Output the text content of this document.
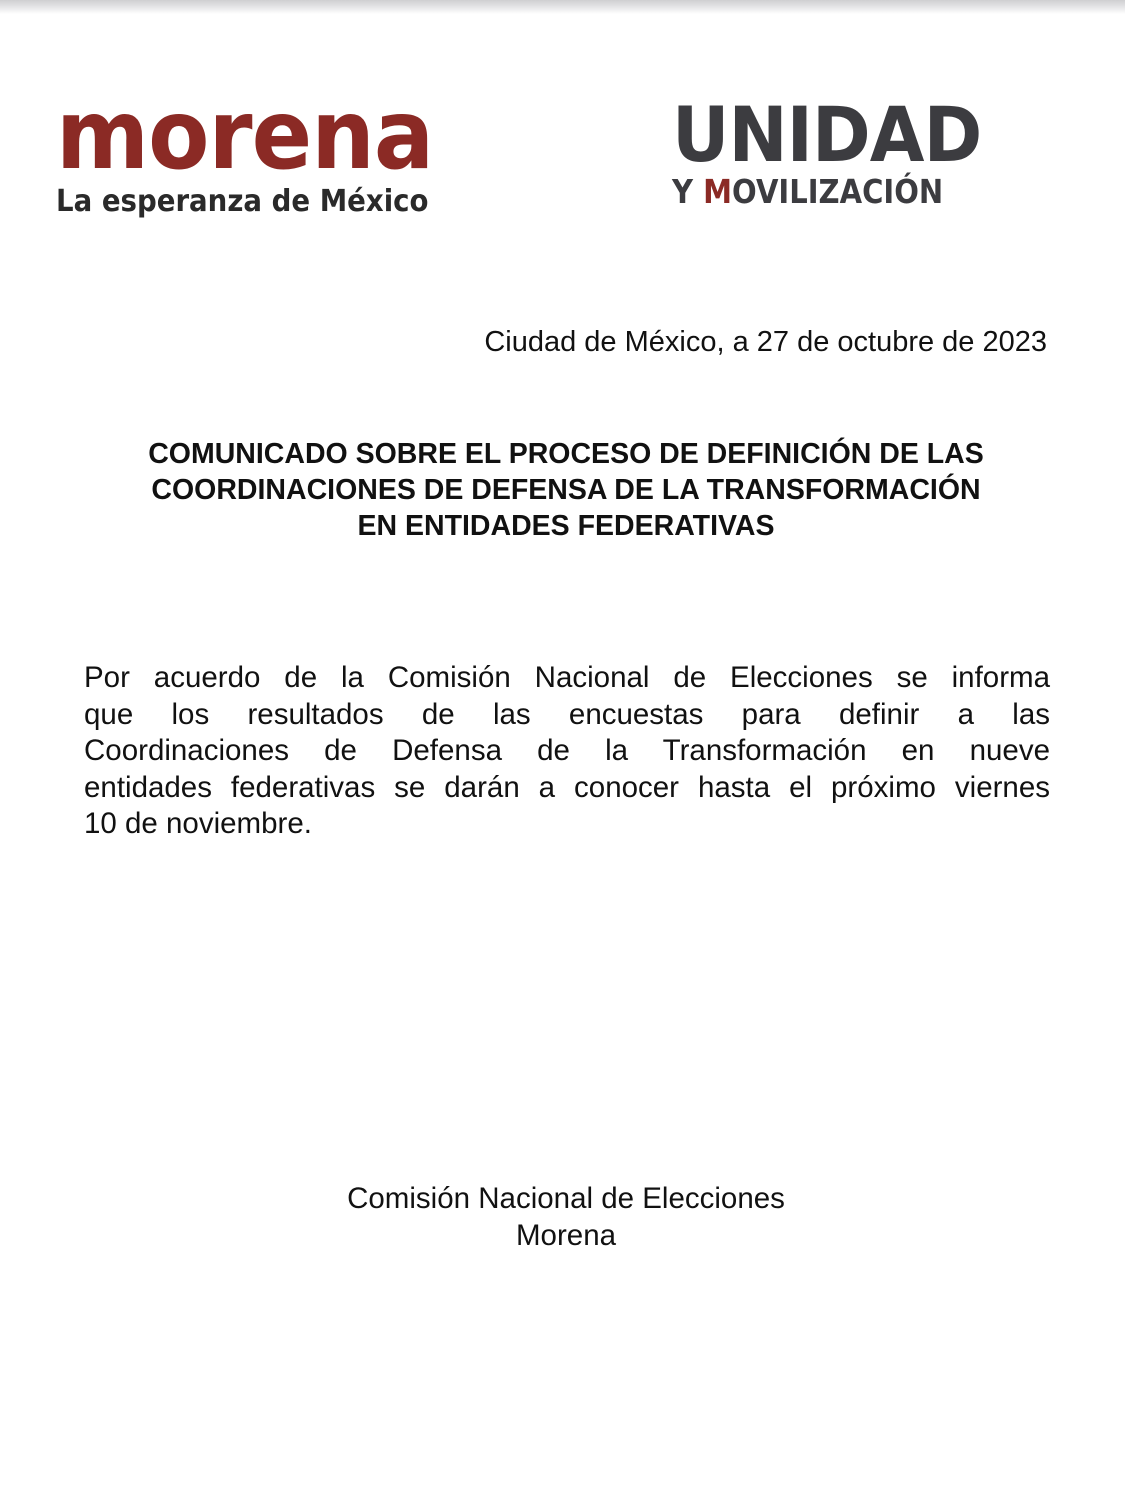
morena
La esperanza de México
UNIDAD
Y MOVILIZACIÓN
Ciudad de México, a 27 de octubre de 2023
COMUNICADO SOBRE EL PROCESO DE DEFINICIÓN DE LAS
COORDINACIONES DE DEFENSA DE LA TRANSFORMACIÓN
EN ENTIDADES FEDERATIVAS

Por acuerdo de la Comisión Nacional de Elecciones se informa
que los resultados de las encuestas para definir a las
Coordinaciones de Defensa de la Transformación en nueve
entidades federativas se darán a conocer hasta el próximo viernes
10 de noviembre.

Comisión Nacional de Elecciones
Morena
